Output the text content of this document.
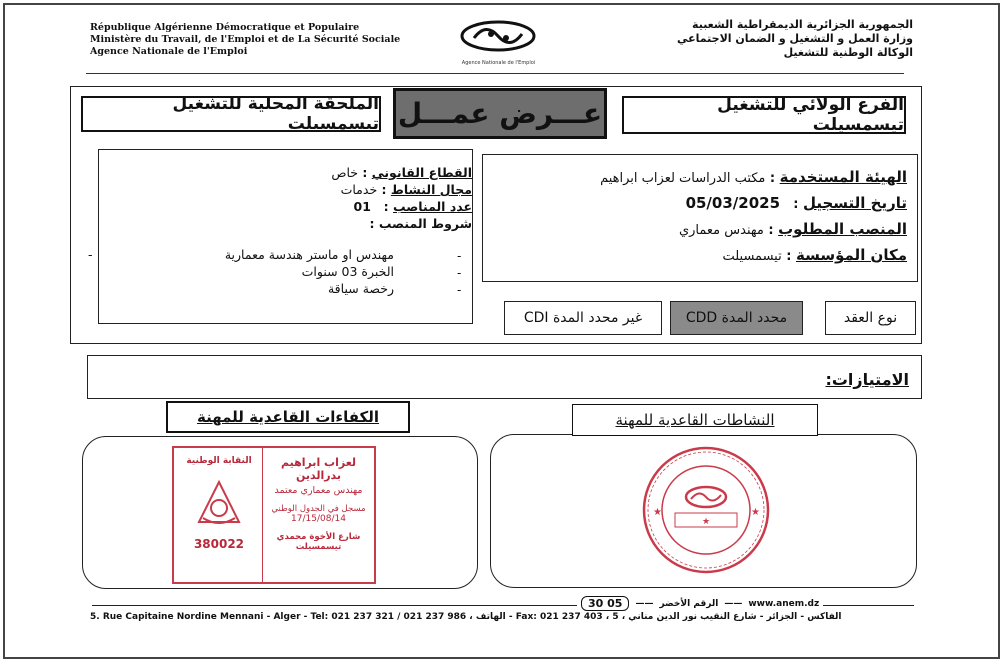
République Algérienne Démocratique et Populaire
Ministère du Travail, de l'Emploi et de La Sécurité Sociale
Agence Nationale de l'Emploi
Agence Nationale de l'Emploi
الجمهورية الجزائرية الديمقراطية الشعبية
وزارة العمل و التشغيل و الضمان الاجتماعي
الوكالة الوطنية للتشغيل
الملحقة المحلية للتشغيل تيسمسيلت عـــرض عمـــل	الفرع الولائي للتشغيل تيسمسيلت
الهيئة المستخدمة : مكتب الدراسات لعزاب ابراهيم
تاريخ التسجيل :   05/03/2025
المنصب المطلوب : مهندس معماري
مكان المؤسسة : تيسمسيلت
القطاع القانوني : خاص
مجال النشاط : خدمات
عدد المناصب :   01
شروط المنصب :
مهندس او ماستر هندسة معمارية
-
الخبرة 03 سنوات
رخصة سياقة
-
-
-
نوع العقد
محدد المدة CDD
غير محدد المدة CDI
الامتيازات:
النشاطات القاعدية للمهنة
الكفاءات القاعدية للمهنة
لعزاب ابراهيم بدرالدين
مهندس معماري معتمد
مسجل في الجدول الوطني
17/15/08/14
شارع الأخوة محمدي تيسمسيلت
النقابة الوطنية
380022
★
★	★
www.anem.dz
——
الرقم الأخضر
——
30 05
5. Rue Capitaine Nordine Mennani - Alger - Tel: 021 237 321 / 021 237 986 ، الهاتف - Fax: 021 237 403 ، الفاكس - الجزائر - شارع النقيب نور الدين مناني ، 5
